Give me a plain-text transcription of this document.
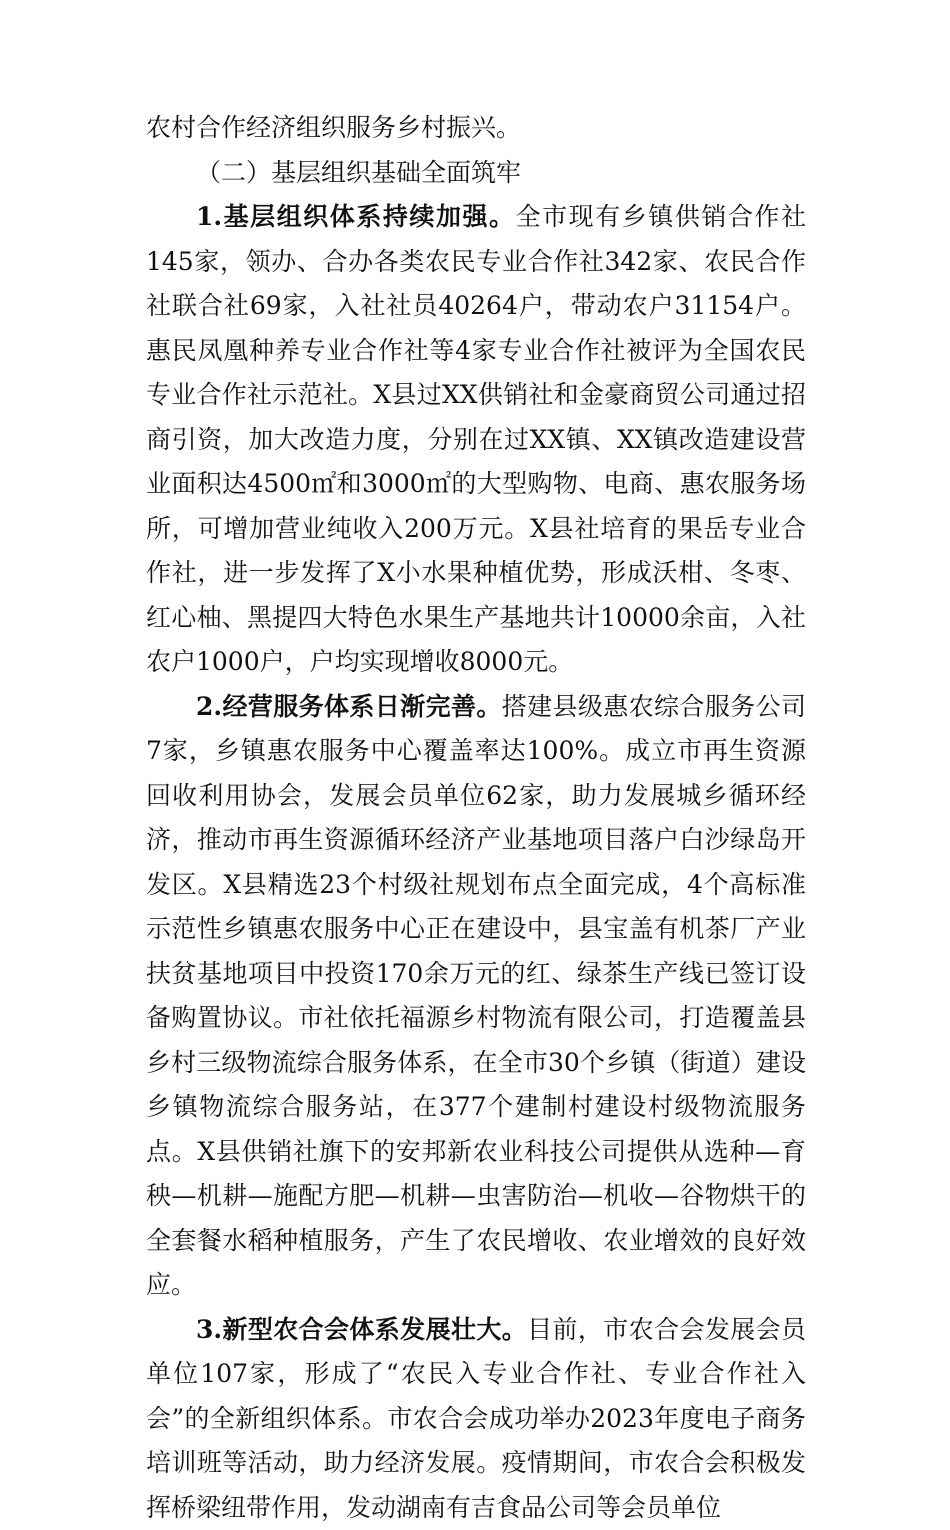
农村合作经济组织服务乡村振兴。

（二）基层组织基础全面筑牢

1.基层组织体系持续加强。全市现有乡镇供销合作社145家，领办、合办各类农民专业合作社342家、农民合作社联合社69家，入社社员40264户，带动农户31154户。惠民凤凰种养专业合作社等4家专业合作社被评为全国农民专业合作社示范社。X县过XX供销社和金豪商贸公司通过招商引资，加大改造力度，分别在过XX镇、XX镇改造建设营业面积达4500㎡和3000㎡的大型购物、电商、惠农服务场所，可增加营业纯收入200万元。X县社培育的果岳专业合作社，进一步发挥了X小水果种植优势，形成沃柑、冬枣、红心柚、黑提四大特色水果生产基地共计10000余亩，入社农户1000户，户均实现增收8000元。

2.经营服务体系日渐完善。搭建县级惠农综合服务公司7家，乡镇惠农服务中心覆盖率达100%。成立市再生资源回收利用协会，发展会员单位62家，助力发展城乡循环经济，推动市再生资源循环经济产业基地项目落户白沙绿岛开发区。X县精选23个村级社规划布点全面完成，4个高标准示范性乡镇惠农服务中心正在建设中，县宝盖有机茶厂产业扶贫基地项目中投资170余万元的红、绿茶生产线已签订设备购置协议。市社依托福源乡村物流有限公司，打造覆盖县乡村三级物流综合服务体系，在全市30个乡镇（街道）建设乡镇物流综合服务站，在377个建制村建设村级物流服务点。X县供销社旗下的安邦新农业科技公司提供从选种—育秧—机耕—施配方肥—机耕—虫害防治—机收—谷物烘干的全套餐水稻种植服务，产生了农民增收、农业增效的良好效应。

3.新型农合会体系发展壮大。目前，市农合会发展会员单位107家，形成了“农民入专业合作社、专业合作社入会”的全新组织体系。市农合会成功举办2023年度电子商务培训班等活动，助力经济发展。疫情期间，市农合会积极发挥桥梁纽带作用，发动湖南有吉食品公司等会员单位
